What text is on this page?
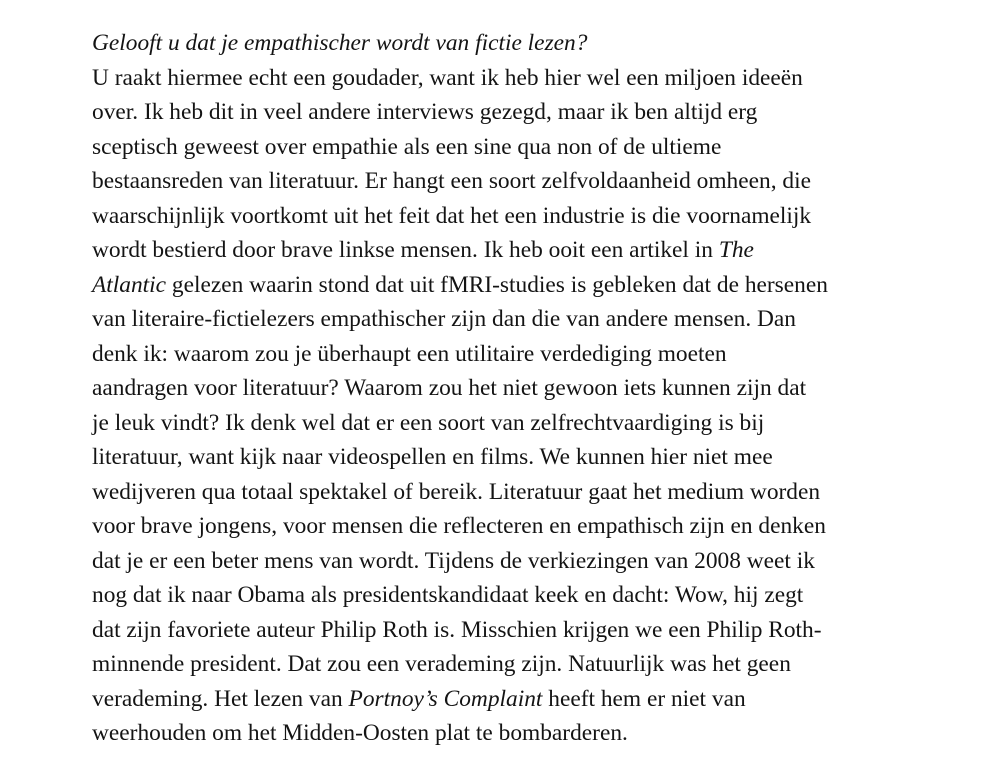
Gelooft u dat je empathischer wordt van fictie lezen?
U raakt hiermee echt een goudader, want ik heb hier wel een miljoen ideeën
over. Ik heb dit in veel andere interviews gezegd, maar ik ben altijd erg
sceptisch geweest over empathie als een sine qua non of de ultieme
bestaansreden van literatuur. Er hangt een soort zelfvoldaanheid omheen, die
waarschijnlijk voortkomt uit het feit dat het een industrie is die voornamelijk
wordt bestierd door brave linkse mensen. Ik heb ooit een artikel in The
Atlantic gelezen waarin stond dat uit fMRI-studies is gebleken dat de hersenen
van literaire-fictielezers empathischer zijn dan die van andere mensen. Dan
denk ik: waarom zou je überhaupt een utilitaire verdediging moeten
aandragen voor literatuur? Waarom zou het niet gewoon iets kunnen zijn dat
je leuk vindt? Ik denk wel dat er een soort van zelfrechtvaardiging is bij
literatuur, want kijk naar videospellen en films. We kunnen hier niet mee
wedijveren qua totaal spektakel of bereik. Literatuur gaat het medium worden
voor brave jongens, voor mensen die reflecteren en empathisch zijn en denken
dat je er een beter mens van wordt. Tijdens de verkiezingen van 2008 weet ik
nog dat ik naar Obama als presidentskandidaat keek en dacht: Wow, hij zegt
dat zijn favoriete auteur Philip Roth is. Misschien krijgen we een Philip Roth-
minnende president. Dat zou een verademing zijn. Natuurlijk was het geen
verademing. Het lezen van Portnoy’s Complaint heeft hem er niet van
weerhouden om het Midden-Oosten plat te bombarderen.
